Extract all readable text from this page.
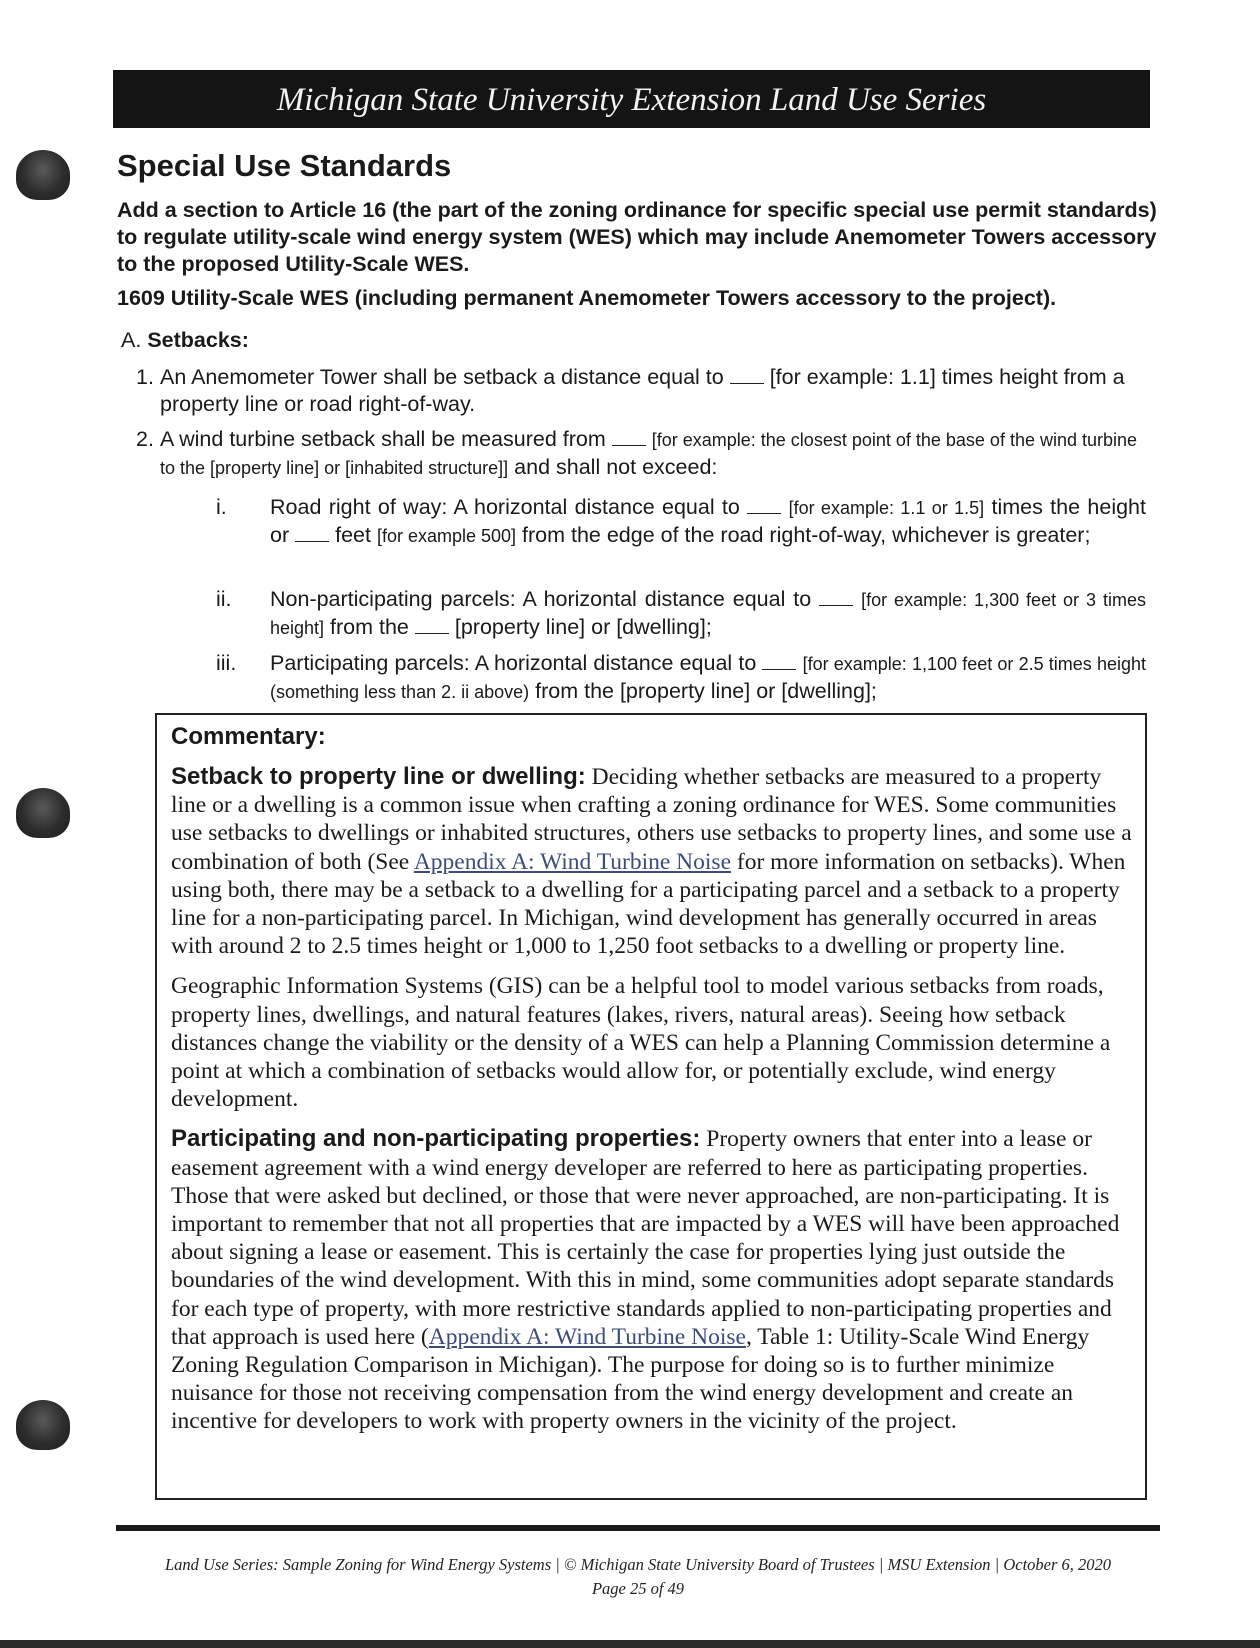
Michigan State University Extension Land Use Series
Special Use Standards
Add a section to Article 16 (the part of the zoning ordinance for specific special use permit standards) to regulate utility-scale wind energy system (WES) which may include Anemometer Towers accessory to the proposed Utility-Scale WES.
1609 Utility-Scale WES (including permanent Anemometer Towers accessory to the project).
A. Setbacks:
1. An Anemometer Tower shall be setback a distance equal to [for example: 1.1] times height from a property line or road right-of-way.
2. A wind turbine setback shall be measured from	[for example: the closest point of the base of the wind turbine to the [property line] or [inhabited structure]] and shall not exceed:
i. Road right of way: A horizontal distance equal to	[for example: 1.1 or 1.5] times the height or feet [for example 500] from the edge of the road right-of-way, whichever is greater;
ii. Non-participating parcels: A horizontal distance equal to	[for example: 1,300 feet or 3 times height] from the [property line] or [dwelling];
iii. Participating parcels: A horizontal distance equal to	[for example: 1,100 feet or 2.5 times height (something less than 2. ii above) from the [property line] or [dwelling];
Commentary:
Setback to property line or dwelling: Deciding whether setbacks are measured to a property line or a dwelling is a common issue when crafting a zoning ordinance for WES. Some communities use setbacks to dwellings or inhabited structures, others use setbacks to property lines, and some use a combination of both (See Appendix A: Wind Turbine Noise for more information on setbacks). When using both, there may be a setback to a dwelling for a participating parcel and a setback to a property line for a non-participating parcel. In Michigan, wind development has generally occurred in areas with around 2 to 2.5 times height or 1,000 to 1,250 foot setbacks to a dwelling or property line.
Geographic Information Systems (GIS) can be a helpful tool to model various setbacks from roads, property lines, dwellings, and natural features (lakes, rivers, natural areas). Seeing how setback distances change the viability or the density of a WES can help a Planning Commission determine a point at which a combination of setbacks would allow for, or potentially exclude, wind energy development.
Participating and non-participating properties: Property owners that enter into a lease or easement agreement with a wind energy developer are referred to here as participating properties. Those that were asked but declined, or those that were never approached, are non-participating. It is important to remember that not all properties that are impacted by a WES will have been approached about signing a lease or easement. This is certainly the case for properties lying just outside the boundaries of the wind development. With this in mind, some communities adopt separate standards for each type of property, with more restrictive standards applied to non-participating properties and that approach is used here (Appendix A: Wind Turbine Noise, Table 1: Utility-Scale Wind Energy Zoning Regulation Comparison in Michigan). The purpose for doing so is to further minimize nuisance for those not receiving compensation from the wind energy development and create an incentive for developers to work with property owners in the vicinity of the project.
Land Use Series: Sample Zoning for Wind Energy Systems | © Michigan State University Board of Trustees | MSU Extension | October 6, 2020
Page 25 of 49
